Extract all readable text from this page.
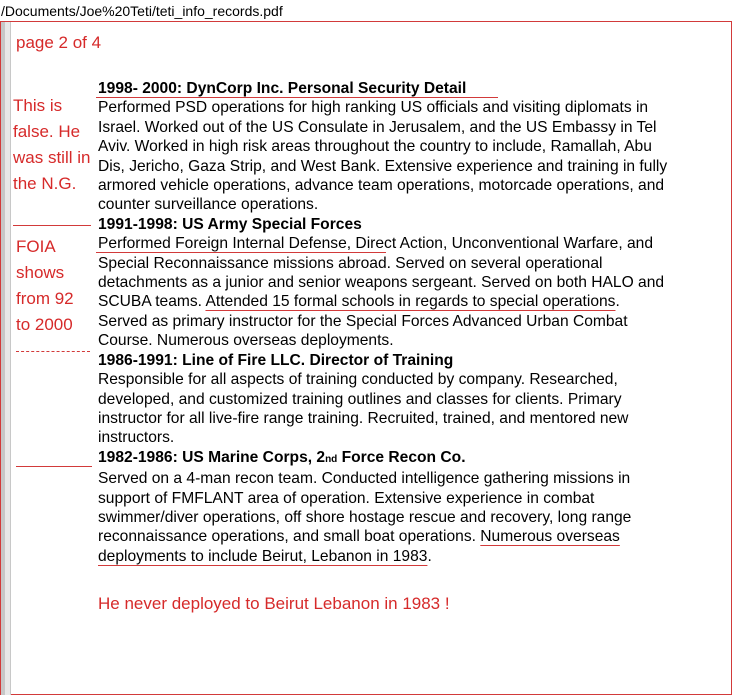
/Documents/Joe%20Teti/teti_info_records.pdf
page 2 of 4
This is false. He was still in the N.G.
FOIA shows from 92 to 2000
He never deployed to Beirut Lebanon in 1983 !
1998- 2000: DynCorp Inc. Personal Security Detail
Performed PSD operations for high ranking US officials and visiting diplomats in Israel. Worked out of the US Consulate in Jerusalem, and the US Embassy in Tel Aviv. Worked in high risk areas throughout the country to include, Ramallah, Abu Dis, Jericho, Gaza Strip, and West Bank. Extensive experience and training in fully armored vehicle operations, advance team operations, motorcade operations, and counter surveillance operations.
1991-1998: US Army Special Forces
Performed Foreign Internal Defense, Direct Action, Unconventional Warfare, and Special Reconnaissance missions abroad. Served on several operational detachments as a junior and senior weapons sergeant. Served on both HALO and SCUBA teams. Attended 15 formal schools in regards to special operations. Served as primary instructor for the Special Forces Advanced Urban Combat Course. Numerous overseas deployments.
1986-1991: Line of Fire LLC. Director of Training
Responsible for all aspects of training conducted by company. Researched, developed, and customized training outlines and classes for clients. Primary instructor for all live-fire range training. Recruited, trained, and mentored new instructors.
1982-1986: US Marine Corps, 2nd Force Recon Co.
Served on a 4-man recon team. Conducted intelligence gathering missions in support of FMFLANT area of operation. Extensive experience in combat swimmer/diver operations, off shore hostage rescue and recovery, long range reconnaissance operations, and small boat operations. Numerous overseas deployments to include Beirut, Lebanon in 1983.
